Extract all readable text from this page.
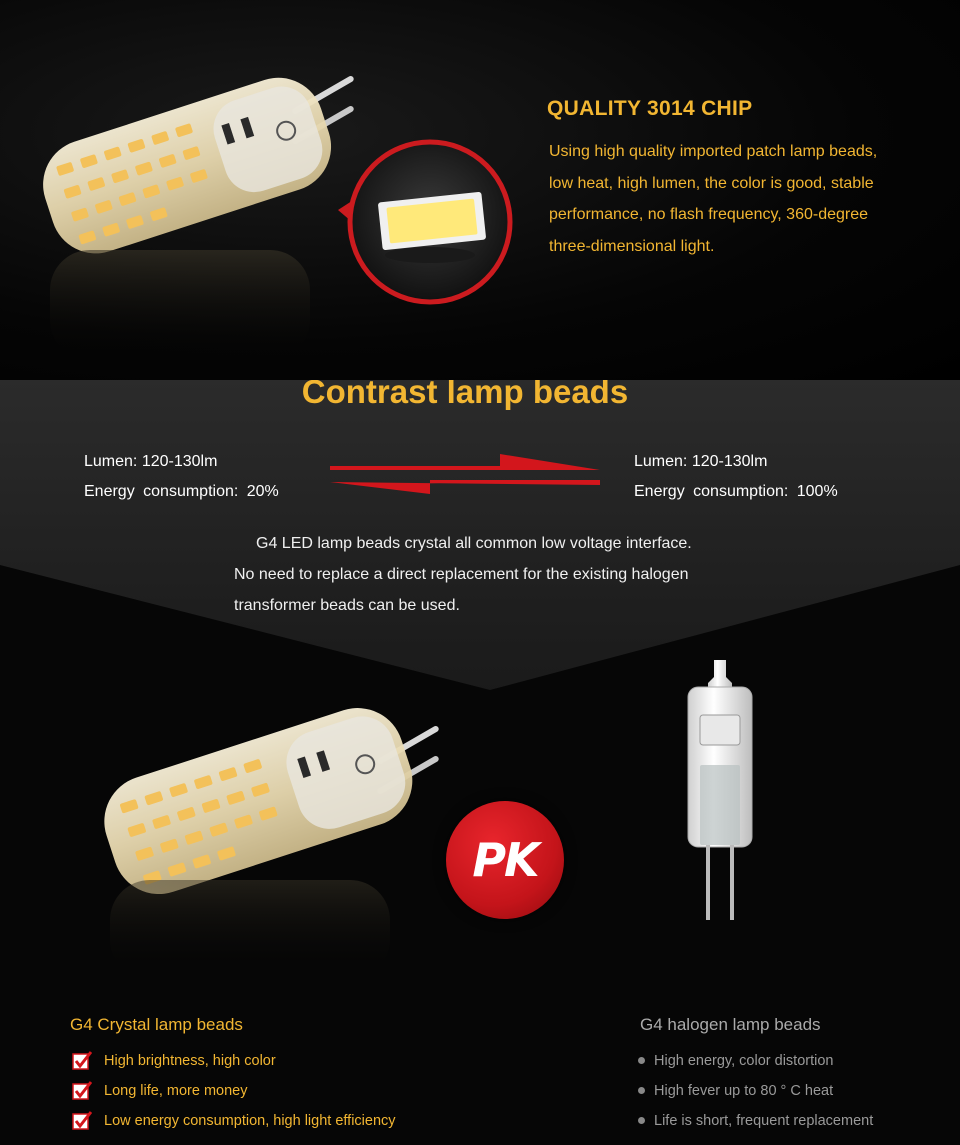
QUALITY 3014 CHIP
Using high quality imported patch lamp beads,
low heat, high lumen, the color is good, stable
performance, no flash frequency, 360-degree
three-dimensional light.
Contrast lamp beads
Lumen: 120-130lm
Energy consumption: 20%
Lumen: 120-130lm
Energy consumption: 100%
G4 LED lamp beads crystal all common low voltage interface.
No need to replace a direct replacement for the existing halogen
transformer beads can be used.
PK
G4 Crystal lamp beads
High brightness, high color
Long life, more money
Low energy consumption, high light efficiency
G4 halogen lamp beads
High energy, color distortion
High fever up to 80 ° C heat
Life is short, frequent replacement
